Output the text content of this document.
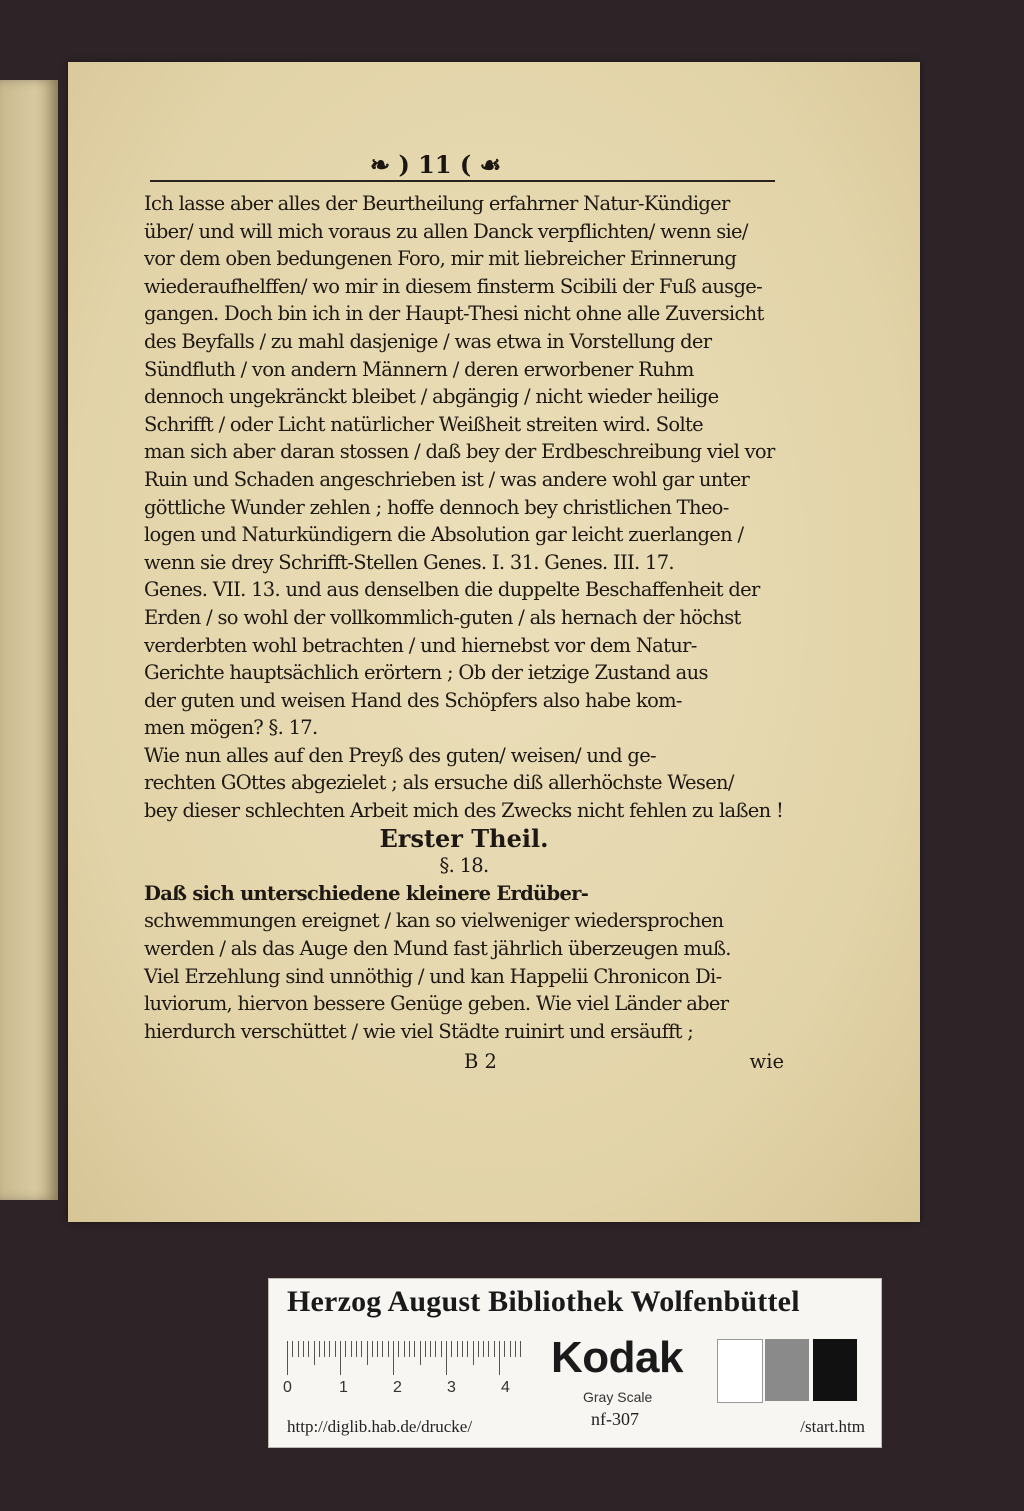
❧ ) 11 ( ☙
Ich lasse aber alles der Beurtheilung erfahrner Natur-Kündiger
über/ und will mich voraus zu allen Danck verpflichten/ wenn sie/
vor dem oben bedungenen Foro, mir mit liebreicher Erinnerung
wiederaufhelffen/ wo mir in diesem finsterm Scibili der Fuß ausge-
gangen. Doch bin ich in der Haupt-Thesi nicht ohne alle Zuversicht
des Beyfalls / zu mahl dasjenige / was etwa in Vorstellung der
Sündfluth / von andern Männern / deren erworbener Ruhm
dennoch ungekränckt bleibet / abgängig / nicht wieder heilige
Schrifft / oder Licht natürlicher Weißheit streiten wird. Solte
man sich aber daran stossen / daß bey der Erdbeschreibung viel vor
Ruin und Schaden angeschrieben ist / was andere wohl gar unter
göttliche Wunder zehlen ; hoffe dennoch bey christlichen Theo-
logen und Naturkündigern die Absolution gar leicht zuerlangen /
wenn sie drey Schrifft-Stellen Genes. I. 31. Genes. III. 17.
Genes. VII. 13. und aus denselben die duppelte Beschaffenheit der
Erden / so wohl der vollkommlich-guten / als hernach der höchst
verderbten wohl betrachten / und hiernebst vor dem Natur-
Gerichte hauptsächlich erörtern ; Ob der ietzige Zustand aus
der guten und weisen Hand des Schöpfers also habe kom-
men mögen? §. 17.
Wie nun alles auf den Preyß des guten/ weisen/ und ge-
rechten GOttes abgezielet ; als ersuche diß allerhöchste Wesen/
bey dieser schlechten Arbeit mich des Zwecks nicht fehlen zu laßen !
Erster Theil.
§. 18.
Daß sich unterschiedene kleinere Erdüber-
schwemmungen ereignet / kan so vielweniger wiedersprochen
werden / als das Auge den Mund fast jährlich überzeugen muß.
Viel Erzehlung sind unnöthig / und kan Happelii Chronicon Di-
luviorum, hiervon bessere Genüge geben. Wie viel Länder aber
hierdurch verschüttet / wie viel Städte ruinirt und ersäufft ;
B 2	wie
Herzog August Bibliothek Wolfenbüttel
0	1	2	3	4
Kodak
Gray Scale
nf-307
http://diglib.hab.de/drucke/	/start.htm
